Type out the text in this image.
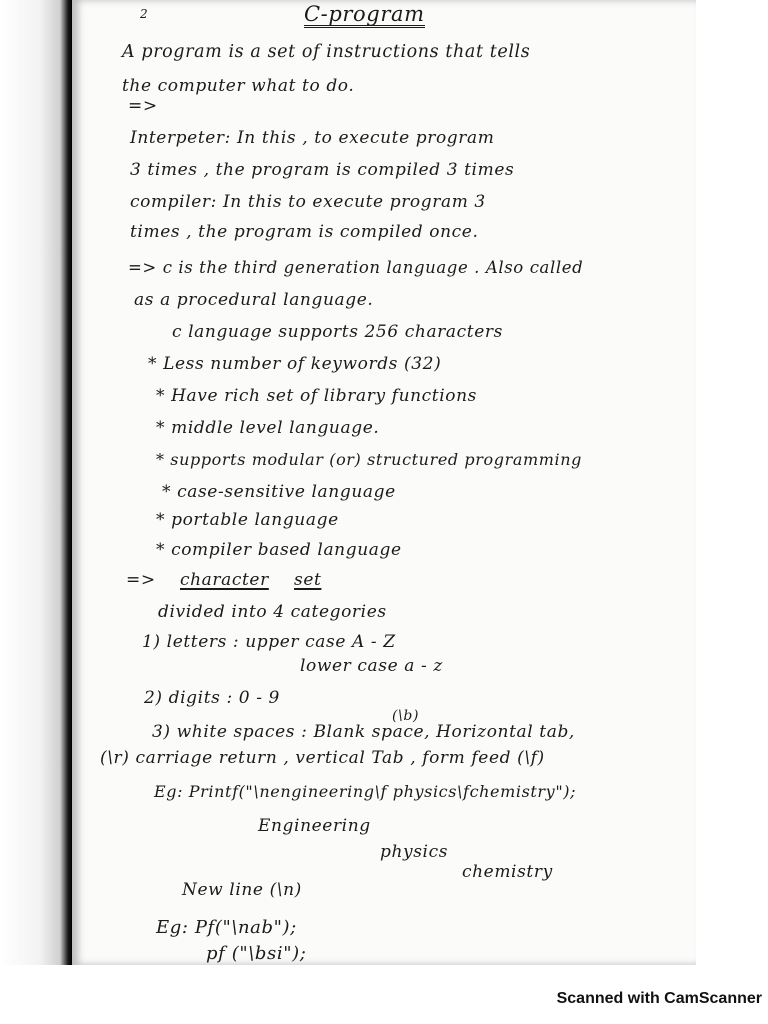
2	C-program
A program is a set of instructions that tells
the computer what to do.
=>
Interpeter: In this , to execute program
3 times , the program is compiled 3 times
compiler: In this to execute program 3
times , the program is compiled once.
=> c is the third generation language . Also called
as a procedural language.
c language supports 256 characters
* Less number of keywords (32)
* Have rich set of library functions
* middle level language.
* supports modular (or) structured programming
* case-sensitive language
* portable language
* compiler based language
=> character set
divided into 4 categories
1) letters : upper case A - Z
lower case a - z
2) digits : 0 - 9
(\b)
3) white spaces : Blank space, Horizontal tab,
(\r) carriage return , vertical Tab , form feed (\f)
Eg: Printf("\nengineering\f physics\fchemistry");
Engineering
physics
chemistry
New line (\n)
Eg: Pf("\nab");
pf ("\bsi");
Scanned with CamScanner
